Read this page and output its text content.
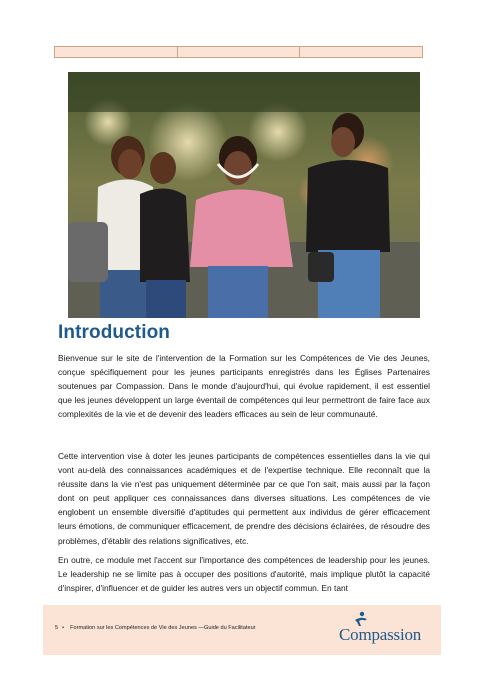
Introduction

Bienvenue sur le site de l'intervention de la Formation sur les Compétences de Vie des Jeunes, conçue spécifiquement pour les jeunes participants enregistrés dans les Églises Partenaires soutenues par Compassion. Dans le monde d'aujourd'hui, qui évolue rapidement, il est essentiel que les jeunes développent un large éventail de compétences qui leur permettront de faire face aux complexités de la vie et de devenir des leaders efficaces au sein de leur communauté.

Cette intervention vise à doter les jeunes participants de compétences essentielles dans la vie qui vont au-delà des connaissances académiques et de l'expertise technique. Elle reconnaît que la réussite dans la vie n'est pas uniquement déterminée par ce que l'on sait, mais aussi par la façon dont on peut appliquer ces connaissances dans diverses situations. Les compétences de vie englobent un ensemble diversifié d'aptitudes qui permettent aux individus de gérer efficacement leurs émotions, de communiquer efficacement, de prendre des décisions éclairées, de résoudre des problèmes, d'établir des relations significatives, etc.

En outre, ce module met l'accent sur l'importance des compétences de leadership pour les jeunes. Le leadership ne se limite pas à occuper des positions d'autorité, mais implique plutôt la capacité d'inspirer, d'influencer et de guider les autres vers un objectif commun. En tant

5 • Formation sur les Compétences de Vie des Jeunes —Guide du Facilitateur	Compassion
